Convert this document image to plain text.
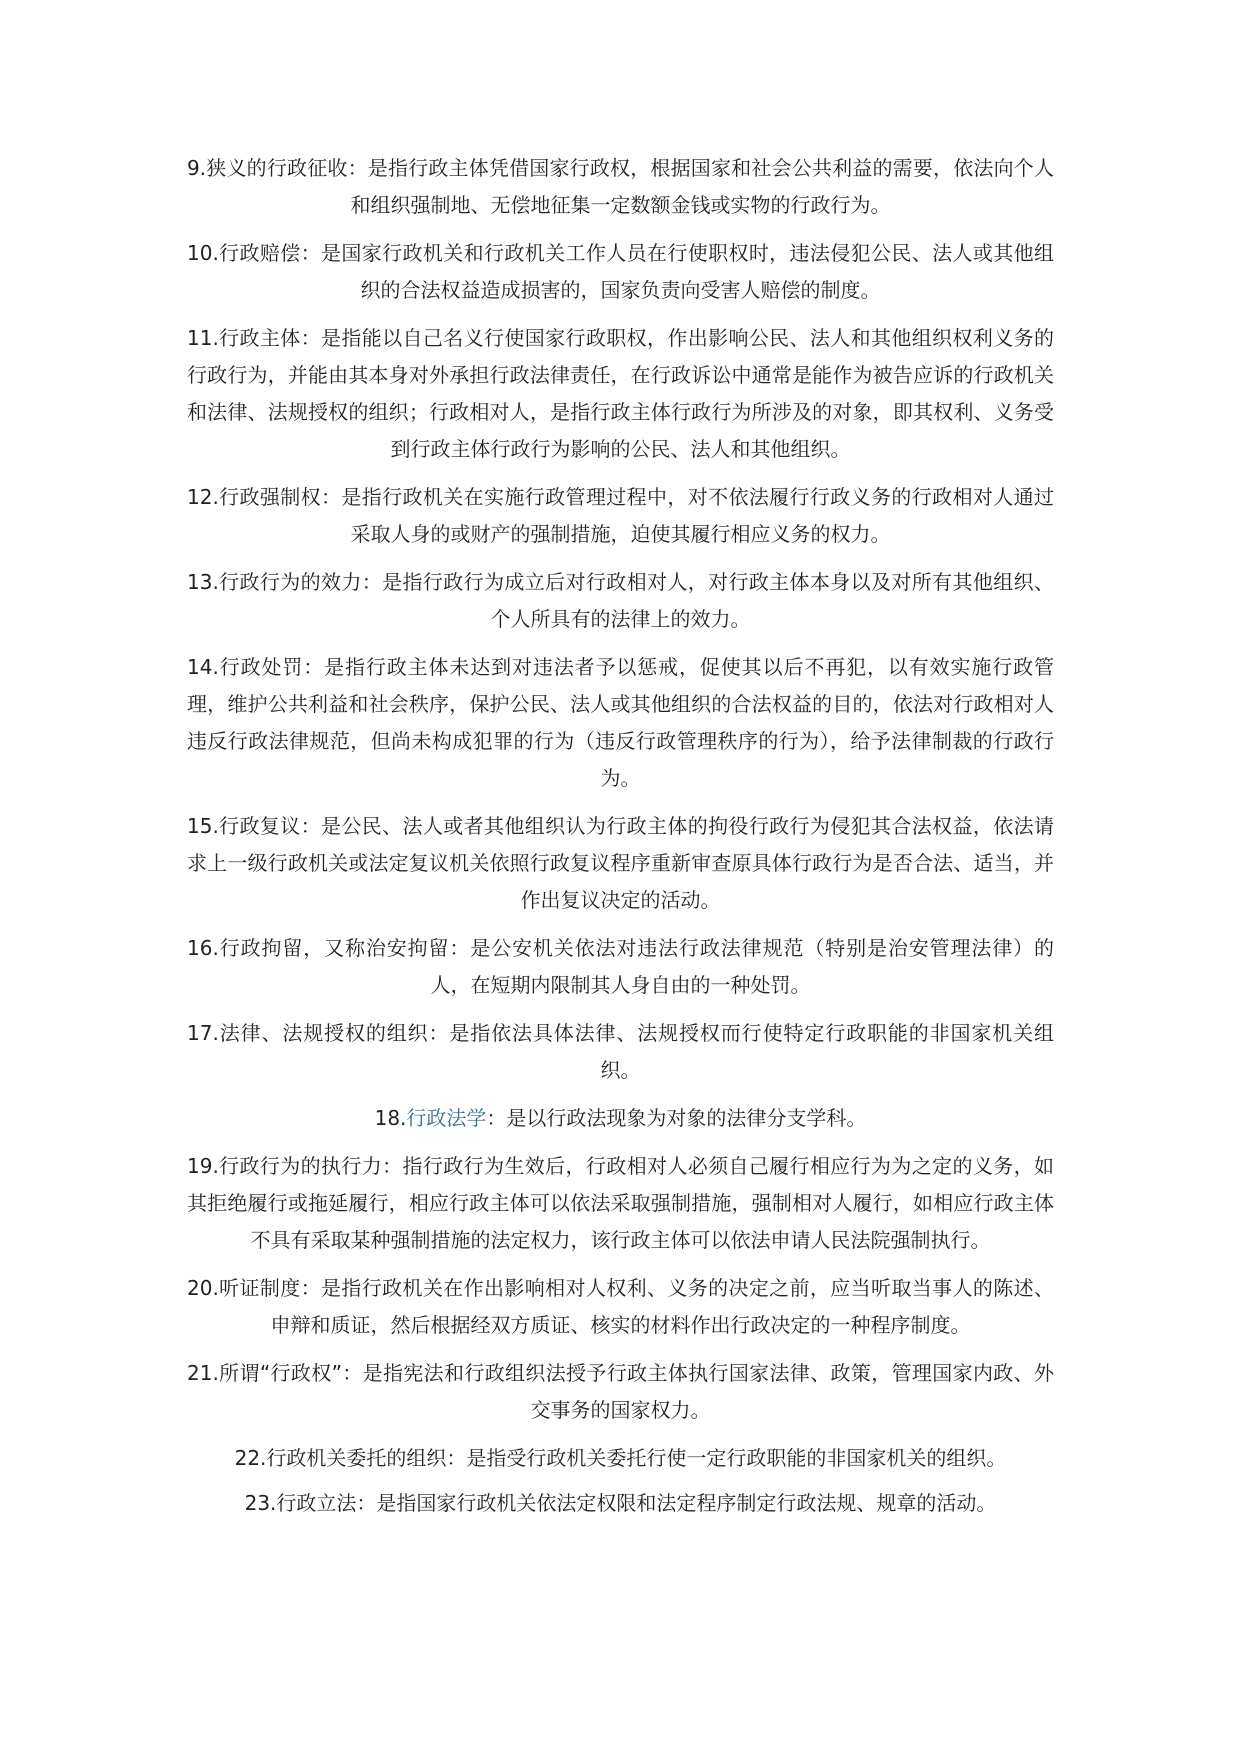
9.狭义的行政征收：是指行政主体凭借国家行政权，根据国家和社会公共利益的需要，依法向个人和组织强制地、无偿地征集一定数额金钱或实物的行政行为。

10.行政赔偿：是国家行政机关和行政机关工作人员在行使职权时，违法侵犯公民、法人或其他组织的合法权益造成损害的，国家负责向受害人赔偿的制度。

11.行政主体：是指能以自己名义行使国家行政职权，作出影响公民、法人和其他组织权利义务的行政行为，并能由其本身对外承担行政法律责任，在行政诉讼中通常是能作为被告应诉的行政机关和法律、法规授权的组织；行政相对人，是指行政主体行政行为所涉及的对象，即其权利、义务受到行政主体行政行为影响的公民、法人和其他组织。

12.行政强制权：是指行政机关在实施行政管理过程中，对不依法履行行政义务的行政相对人通过采取人身的或财产的强制措施，迫使其履行相应义务的权力。

13.行政行为的效力：是指行政行为成立后对行政相对人，对行政主体本身以及对所有其他组织、个人所具有的法律上的效力。

14.行政处罚：是指行政主体未达到对违法者予以惩戒，促使其以后不再犯，以有效实施行政管理，维护公共利益和社会秩序，保护公民、法人或其他组织的合法权益的目的，依法对行政相对人违反行政法律规范，但尚未构成犯罪的行为（违反行政管理秩序的行为），给予法律制裁的行政行为。

15.行政复议：是公民、法人或者其他组织认为行政主体的拘役行政行为侵犯其合法权益，依法请求上一级行政机关或法定复议机关依照行政复议程序重新审查原具体行政行为是否合法、适当，并作出复议决定的活动。

16.行政拘留，又称治安拘留：是公安机关依法对违法行政法律规范（特别是治安管理法律）的人，在短期内限制其人身自由的一种处罚。

17.法律、法规授权的组织：是指依法具体法律、法规授权而行使特定行政职能的非国家机关组织。

18.行政法学：是以行政法现象为对象的法律分支学科。

19.行政行为的执行力：指行政行为生效后，行政相对人必须自己履行相应行为为之定的义务，如其拒绝履行或拖延履行，相应行政主体可以依法采取强制措施，强制相对人履行，如相应行政主体不具有采取某种强制措施的法定权力，该行政主体可以依法申请人民法院强制执行。

20.听证制度：是指行政机关在作出影响相对人权利、义务的决定之前，应当听取当事人的陈述、申辩和质证，然后根据经双方质证、核实的材料作出行政决定的一种程序制度。

21.所谓“行政权”：是指宪法和行政组织法授予行政主体执行国家法律、政策，管理国家内政、外交事务的国家权力。

22.行政机关委托的组织：是指受行政机关委托行使一定行政职能的非国家机关的组织。

23.行政立法：是指国家行政机关依法定权限和法定程序制定行政法规、规章的活动。
